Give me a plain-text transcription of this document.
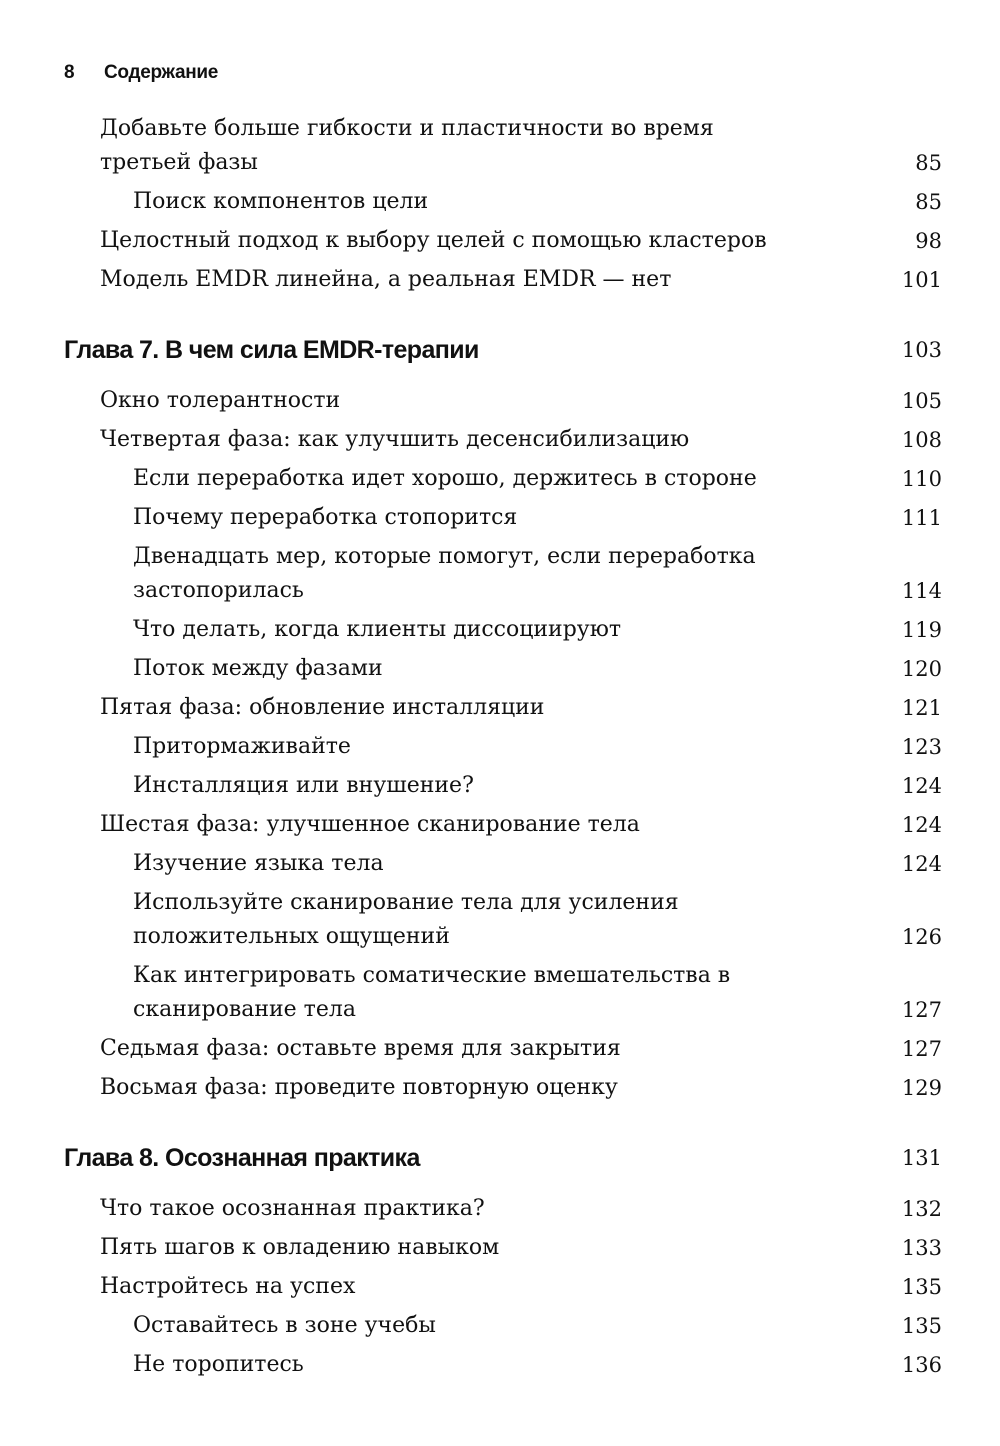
8 Содержание
Добавьте больше гибкости и пластичности во время третьей фазы	85
Поиск компонентов цели	85
Целостный подход к выбору целей с помощью кластеров	98
Модель EMDR линейна, а реальная EMDR — нет	101
Глава 7. В чем сила EMDR-терапии	103
Окно толерантности	105
Четвертая фаза: как улучшить десенсибилизацию	108
Если переработка идет хорошо, держитесь в стороне	110
Почему переработка стопорится	111
Двенадцать мер, которые помогут, если переработка застопорилась	114
Что делать, когда клиенты диссоциируют	119
Поток между фазами	120
Пятая фаза: обновление инсталляции	121
Притормаживайте	123
Инсталляция или внушение?	124
Шестая фаза: улучшенное сканирование тела	124
Изучение языка тела	124
Используйте сканирование тела для усиления положительных ощущений	126
Как интегрировать соматические вмешательства в сканирование тела	127
Седьмая фаза: оставьте время для закрытия	127
Восьмая фаза: проведите повторную оценку	129
Глава 8. Осознанная практика	131
Что такое осознанная практика?	132
Пять шагов к овладению навыком	133
Настройтесь на успех	135
Оставайтесь в зоне учебы	135
Не торопитесь	136
